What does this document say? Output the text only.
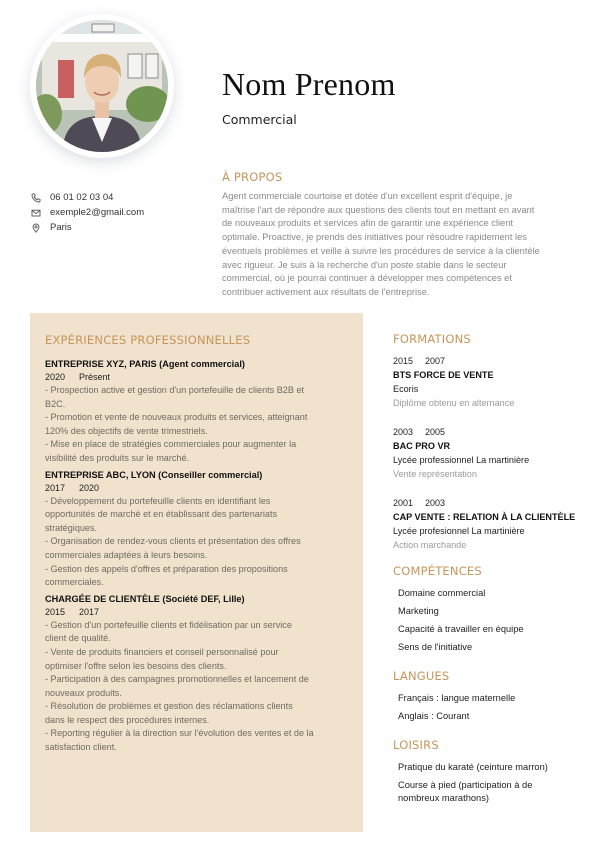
Nom Prenom
Commercial
06 01 02 03 04
exemple2@gmail.com
Paris
À PROPOS
Agent commerciale courtoise et dotée d'un excellent esprit d'équipe, je
maîtrise l'art de répondre aux questions des clients tout en mettant en avant
de nouveaux produits et services afin de garantir une expérience client
optimale. Proactive, je prends des initiatives pour résoudre rapidement les
éventuels problèmes et veille à suivre les procédures de service à la clientèle
avec rigueur. Je suis à la recherche d'un poste stable dans le secteur
commercial, où je pourrai continuer à développer mes compétences et
contribuer activement aux résultats de l'entreprise.
EXPÉRIENCES PROFESSIONNELLES
ENTREPRISE XYZ, PARIS (Agent commercial)
2020 Présent

- Prospection active et gestion d'un portefeuille de clients B2B et

B2C.

- Promotion et vente de nouveaux produits et services, atteignant

120% des objectifs de vente trimestriels.

- Mise en place de stratégies commerciales pour augmenter la

visibilité des produits sur le marché.

ENTREPRISE ABC, LYON (Conseiller commercial)
2017 2020

- Développement du portefeuille clients en identifiant les

opportunités de marché et en établissant des partenariats

stratégiques.

- Organisation de rendez-vous clients et présentation des offres

commerciales adaptées à leurs besoins.

- Gestion des appels d'offres et préparation des propositions

commerciales.

CHARGÉE DE CLIENTÈLE (Société DEF, Lille)
2015 2017

- Gestion d'un portefeuille clients et fidélisation par un service

client de qualité.

- Vente de produits financiers et conseil personnalisé pour

optimiser l'offre selon les besoins des clients.

- Participation à des campagnes promotionnelles et lancement de

nouveaux produits.

- Résolution de problèmes et gestion des réclamations clients

dans le respect des procédures internes.

- Reporting régulier à la direction sur l'évolution des ventes et de la

satisfaction client.

FORMATIONS
2015 2007
BTS FORCE DE VENTE
Ecoris
Diplôme obtenu en alternance
2003 2005
BAC PRO VR
Lycée professionnel La martinière
Vente représentation
2001 2003
CAP VENTE : RELATION À LA CLIENTÈLE
Lycée profesionnel La martinière
Action marchande
COMPÉTENCES
Domaine commercial
Marketing
Capacité à travailler en équipe
Sens de l'initiative
LANGUES
Français : langue maternelle
Anglais : Courant
LOISIRS
Pratique du karaté (ceinture marron)
Course à pied (participation à de
nombreux marathons)
